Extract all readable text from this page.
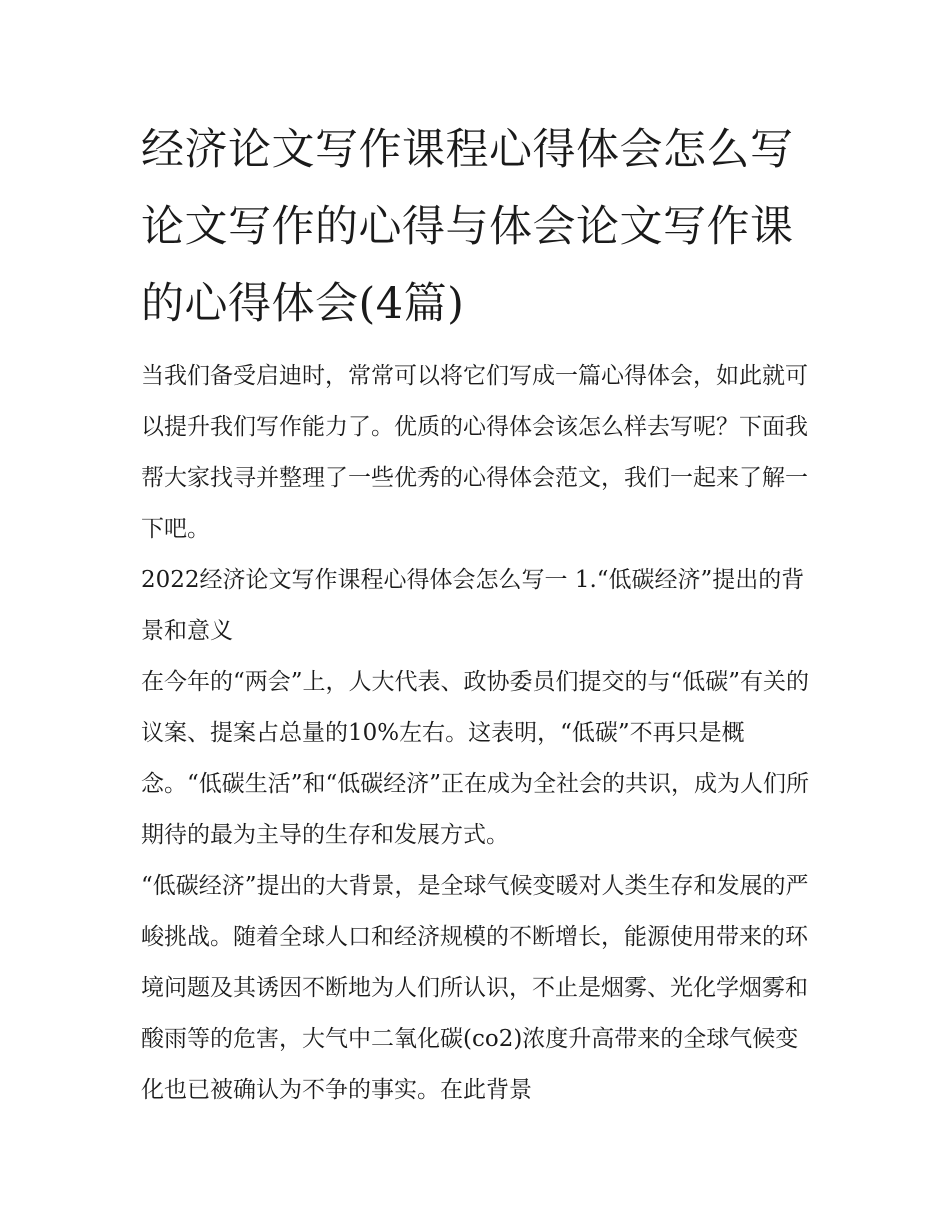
经济论文写作课程心得体会怎么写 论文写作的心得与体会论文写作课的心得体会(4篇)

当我们备受启迪时，常常可以将它们写成一篇心得体会，如此就可以提升我们写作能力了。优质的心得体会该怎么样去写呢？下面我帮大家找寻并整理了一些优秀的心得体会范文，我们一起来了解一下吧。

2022经济论文写作课程心得体会怎么写一 1.“低碳经济”提出的背景和意义

在今年的“两会”上，人大代表、政协委员们提交的与“低碳”有关的议案、提案占总量的10%左右。这表明，“低碳”不再只是概念。“低碳生活”和“低碳经济”正在成为全社会的共识，成为人们所期待的最为主导的生存和发展方式。

“低碳经济”提出的大背景，是全球气候变暖对人类生存和发展的严峻挑战。随着全球人口和经济规模的不断增长，能源使用带来的环境问题及其诱因不断地为人们所认识，不止是烟雾、光化学烟雾和酸雨等的危害，大气中二氧化碳(co2)浓度升高带来的全球气候变化也已被确认为不争的事实。在此背景
